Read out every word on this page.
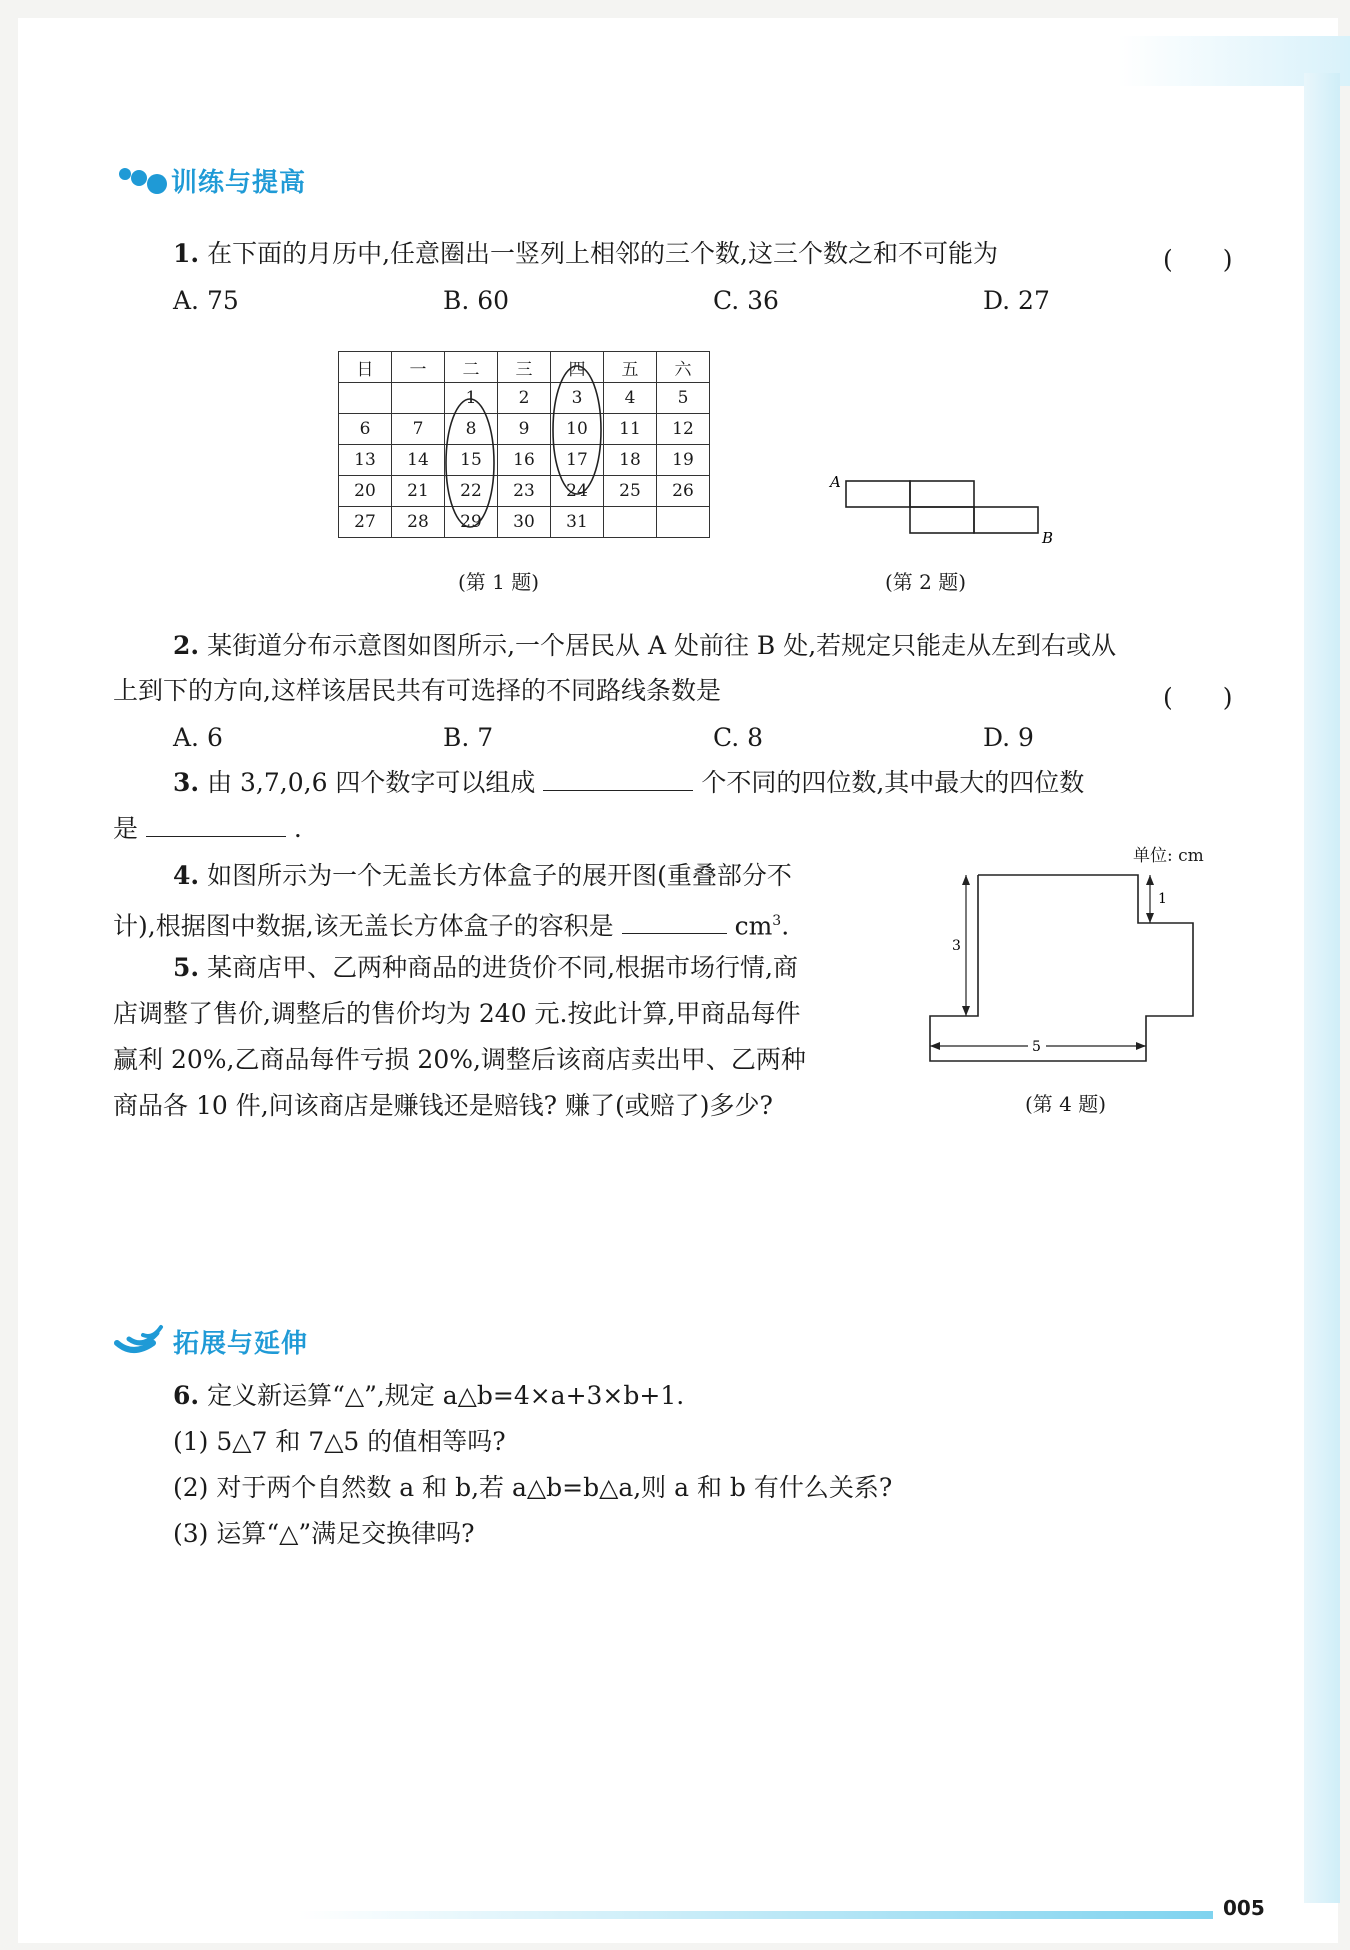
训练与提高
1. 在下面的月历中,任意圈出一竖列上相邻的三个数,这三个数之和不可能为	(　　)
A. 75	B. 60	C. 36	D. 27
日	一	二	三	四	五	六
		1	2	3	4	5
6	7	8	9	10	11	12
13	14	15	16	17	18	19
20	21	22	23	24	25	26
27	28	29	30	31		
(第 1 题)
A
B
(第 2 题)
2. 某街道分布示意图如图所示,一个居民从 A 处前往 B 处,若规定只能走从左到右或从
上到下的方向,这样该居民共有可选择的不同路线条数是	(　　)
A. 6	B. 7	C. 8	D. 9
3. 由 3,7,0,6 四个数字可以组成	个不同的四位数,其中最大的四位数
是	.
4. 如图所示为一个无盖长方体盒子的展开图(重叠部分不
计),根据图中数据,该无盖长方体盒子的容积是	$cm^3$.
5. 某商店甲、乙两种商品的进货价不同,根据市场行情,商
店调整了售价,调整后的售价均为 240 元.按此计算,甲商品每件
赢利 20%,乙商品每件亏损 20%,调整后该商店卖出甲、乙两种
商品各 10 件,问该商店是赚钱还是赔钱? 赚了(或赔了)多少?
单位: cm
3
1
5
(第 4 题)
拓展与延伸
6. 定义新运算“△”,规定 a△b=4×a+3×b+1.
(1) 5△7 和 7△5 的值相等吗?
(2) 对于两个自然数 a 和 b,若 a△b=b△a,则 a 和 b 有什么关系?
(3) 运算“△”满足交换律吗?
005
